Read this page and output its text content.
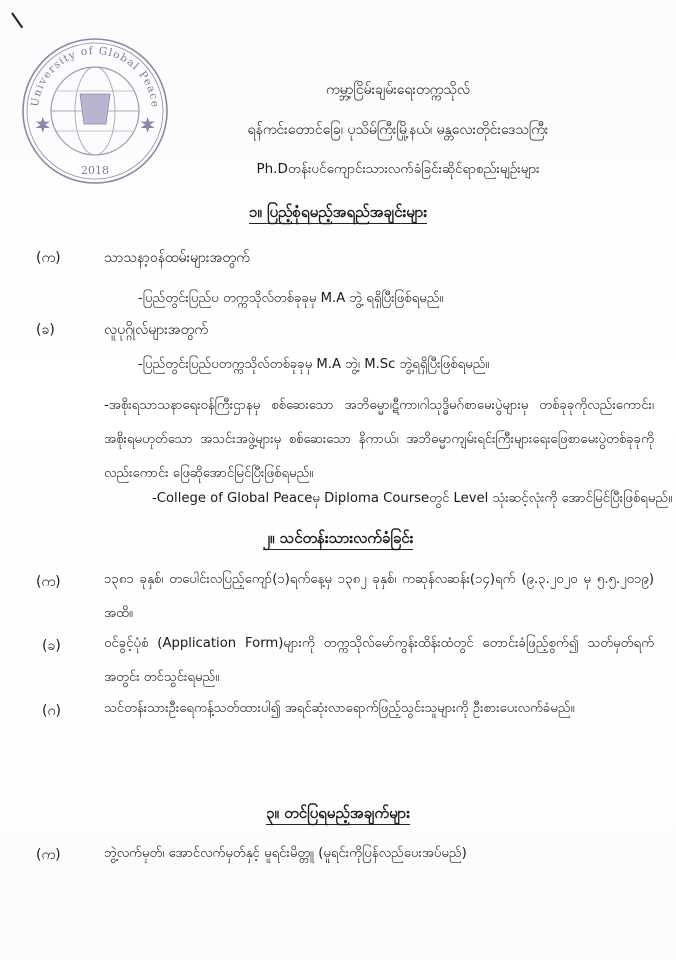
University of Global Peace
2018
ကမ္ဘာ့ငြိမ်းချမ်းရေးတက္ကသိုလ်
ရန်ကင်းတောင်ခြေ၊ ပုသိမ်ကြီးမြို့နယ်၊ မန္တလေးတိုင်းဒေသကြီး
Ph.Dတန်းပင်ကျောင်းသားလက်ခံခြင်းဆိုင်ရာစည်းမျဉ်းများ
၁။ ပြည့်စုံရမည့်အရည်အချင်းများ
(က)	သာသနာ့ဝန်ထမ်းများအတွက်
-ပြည်တွင်းပြည်ပ တက္ကသိုလ်တစ်ခုခုမှ M.A ဘွဲ့ ရရှိပြီးဖြစ်ရမည်။
(ခ)	လူပုဂ္ဂိုလ်များအတွက်
-ပြည်တွင်းပြည်ပတက္ကသိုလ်တစ်ခုခုမှ M.A ဘွဲ့၊ M.Sc ဘွဲ့ရရှိပြီးဖြစ်ရမည်။
-အစိုးရသာသနာရေးဝန်ကြီးဌာနမှ စစ်ဆေးသော အဘိဓမ္မာ၊ဋီကာ၊ဂါသုဒ္ဓိမဂ်စာမေးပွဲများမှ တစ်ခုခုကိုလည်းကောင်း၊ အစိုးရမဟုတ်သော အသင်းအဖွဲ့များမှ စစ်ဆေးသော နိကာယ်၊ အဘိဓမ္မာကျမ်းရင်းကြီးများရေးဖြေစာမေးပွဲတစ်ခုခုကိုလည်းကောင်း ဖြေဆိုအောင်မြင်ပြီးဖြစ်ရမည်။
-College of Global Peaceမှ Diploma Courseတွင် Level သုံးဆင့်လုံးကို အောင်မြင်ပြီးဖြစ်ရမည်။
၂။ သင်တန်းသားလက်ခံခြင်း
(က)	၁၃၈၁ ခုနှစ်၊ တပေါင်းလပြည့်ကျော်(၁)ရက်နေ့မှ ၁၃၈၂ ခုနှစ်၊ ကဆုန်လဆန်း(၁၄)ရက် (၉.၃.၂၀၂၀ မှ ၅.၅.၂၀၁၉) အထိ။
(ခ)	ဝင်ခွင့်ပုံစံ (Application Form)များကို တက္ကသိုလ်မော်ကွန်းထိန်းထံတွင် တောင်းခံဖြည့်စွက်၍ သတ်မှတ်ရက်အတွင်း တင်သွင်းရမည်။
(ဂ)	သင်တန်းသားဦးရေကန့်သတ်ထားပါ၍ အရင်ဆုံးလာရောက်ဖြည့်သွင်းသူများကို ဦးစားပေးလက်ခံမည်။
၃။ တင်ပြရမည့်အချက်များ
(က)	ဘွဲ့လက်မှတ်၊ အောင်လက်မှတ်နှင့် မူရင်းမိတ္တူ (မူရင်းကိုပြန်လည်ပေးအပ်မည်)
